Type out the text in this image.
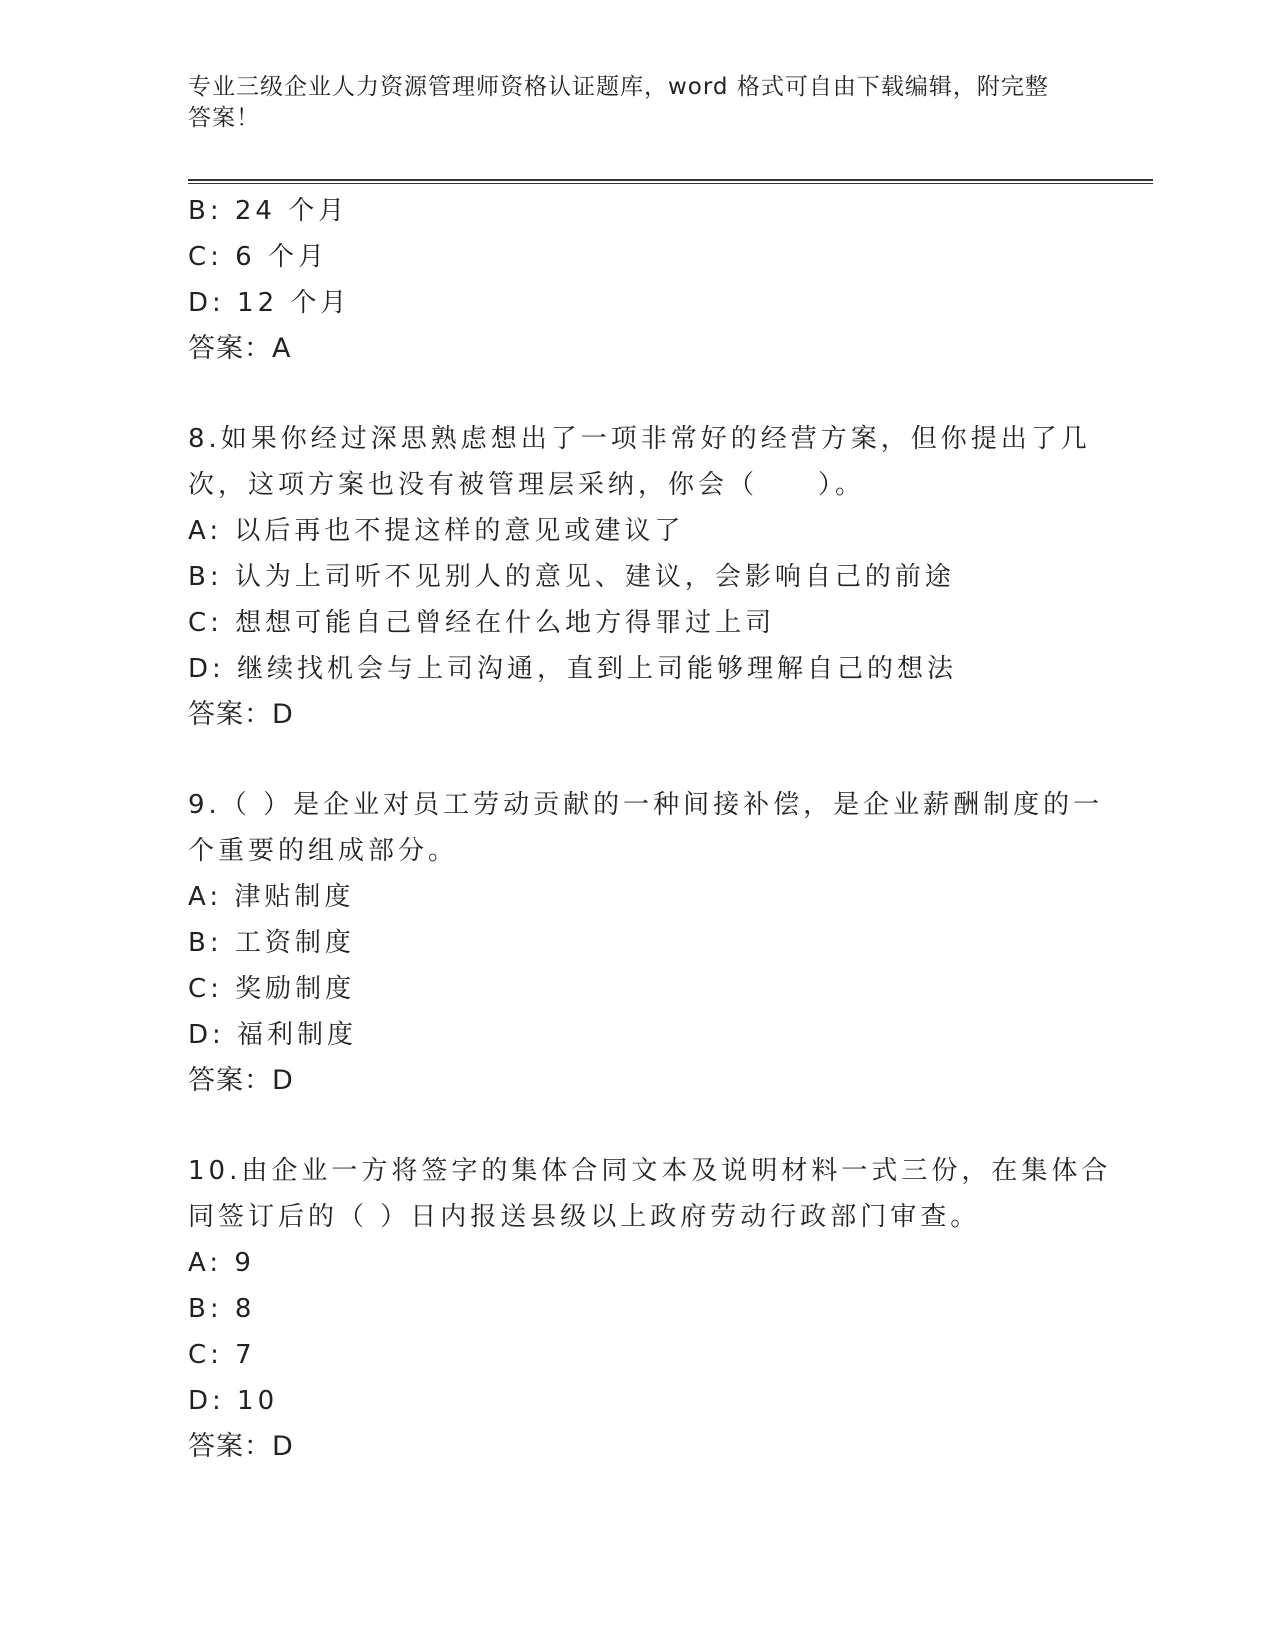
专业三级企业人力资源管理师资格认证题库，word 格式可自由下载编辑，附完整
答案！
B: 24 个月
C: 6 个月
D: 12 个月
答案：A
8.如果你经过深思熟虑想出了一项非常好的经营方案，但你提出了几
次，这项方案也没有被管理层采纳，你会（　　）。
A: 以后再也不提这样的意见或建议了
B: 认为上司听不见别人的意见、建议，会影响自己的前途
C: 想想可能自己曾经在什么地方得罪过上司
D: 继续找机会与上司沟通，直到上司能够理解自己的想法
答案：D
9.（ ）是企业对员工劳动贡献的一种间接补偿，是企业薪酬制度的一
个重要的组成部分。
A: 津贴制度
B: 工资制度
C: 奖励制度
D: 福利制度
答案：D
10.由企业一方将签字的集体合同文本及说明材料一式三份，在集体合
同签订后的（ ）日内报送县级以上政府劳动行政部门审查。
A: 9
B: 8
C: 7
D: 10
答案：D
